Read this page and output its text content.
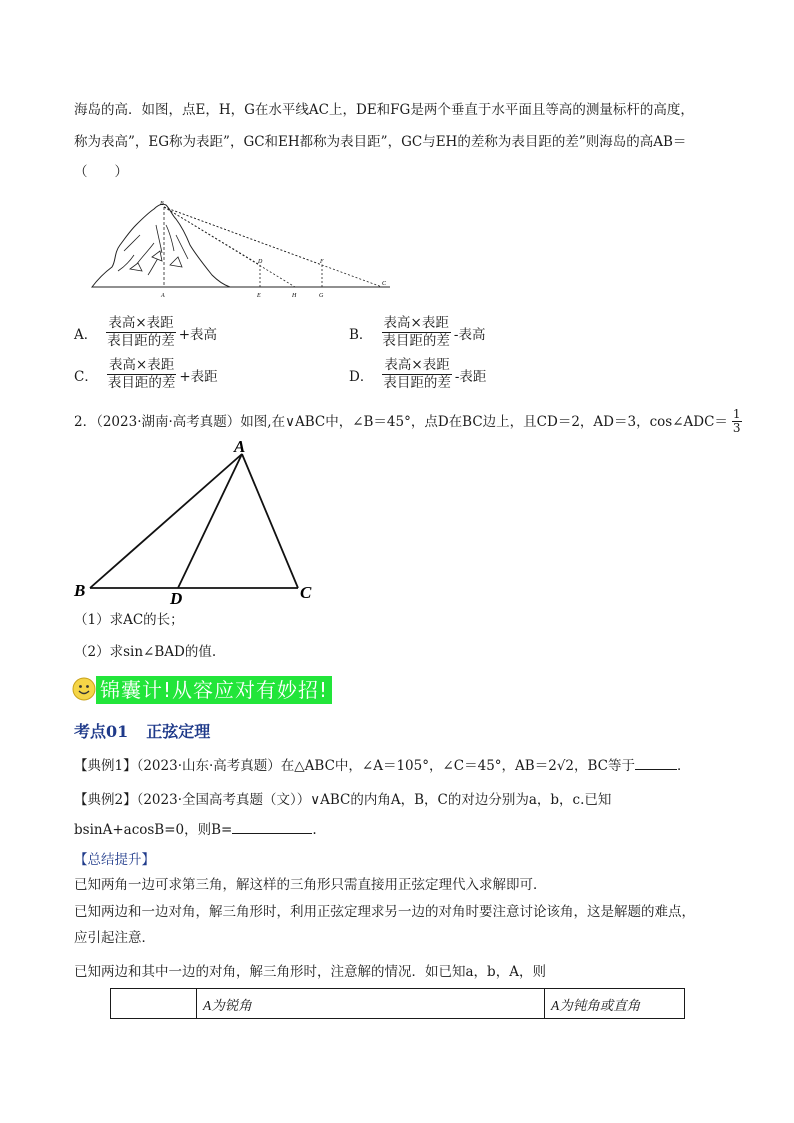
海岛的高．如图，点E，H，G在水平线AC上，DE和FG是两个垂直于水平面且等高的测量标杆的高度，
称为表高”，EG称为表距”，GC和EH都称为表目距”，GC与EH的差称为表目距的差”则海岛的高AB＝
（　　）
B
A
D
E	H
F
G
C
A． $\frac{\text{表高×表距}}{\text{表目距的差}}$ +表高	B． $\frac{\text{表高×表距}}{\text{表目距的差}}$ -表高
C． $\frac{\text{表高×表距}}{\text{表目距的差}}$ +表距	D． $\frac{\text{表高×表距}}{\text{表目距的差}}$ -表距
2．（2023·湖南·高考真题）如图,在∨ABC中，∠B＝45°，点D在BC边上，且CD＝2，AD＝3，cos∠ADC＝ $\frac{1}{3}$
A
B	D	C
（1）求AC的长；
（2）求sin∠BAD的值.
锦囊计!从容应对有妙招!
考点01 正弦定理
【典例1】（2023·山东·高考真题）在△ABC中，∠A＝105°，∠C＝45°，AB＝2√2，BC等于	．
【典例2】（2023·全国高考真题（文））∨ABC的内角A，B，C的对边分别为a，b，c.已知
bsinA+acosB=0，则B=	.
【总结提升】
已知两角一边可求第三角，解这样的三角形只需直接用正弦定理代入求解即可．
已知两边和一边对角，解三角形时，利用正弦定理求另一边的对角时要注意讨论该角，这是解题的难点，
应引起注意．
已知两边和其中一边的对角，解三角形时，注意解的情况．如已知a，b，A，则
	A为锐角	A为钝角或直角
